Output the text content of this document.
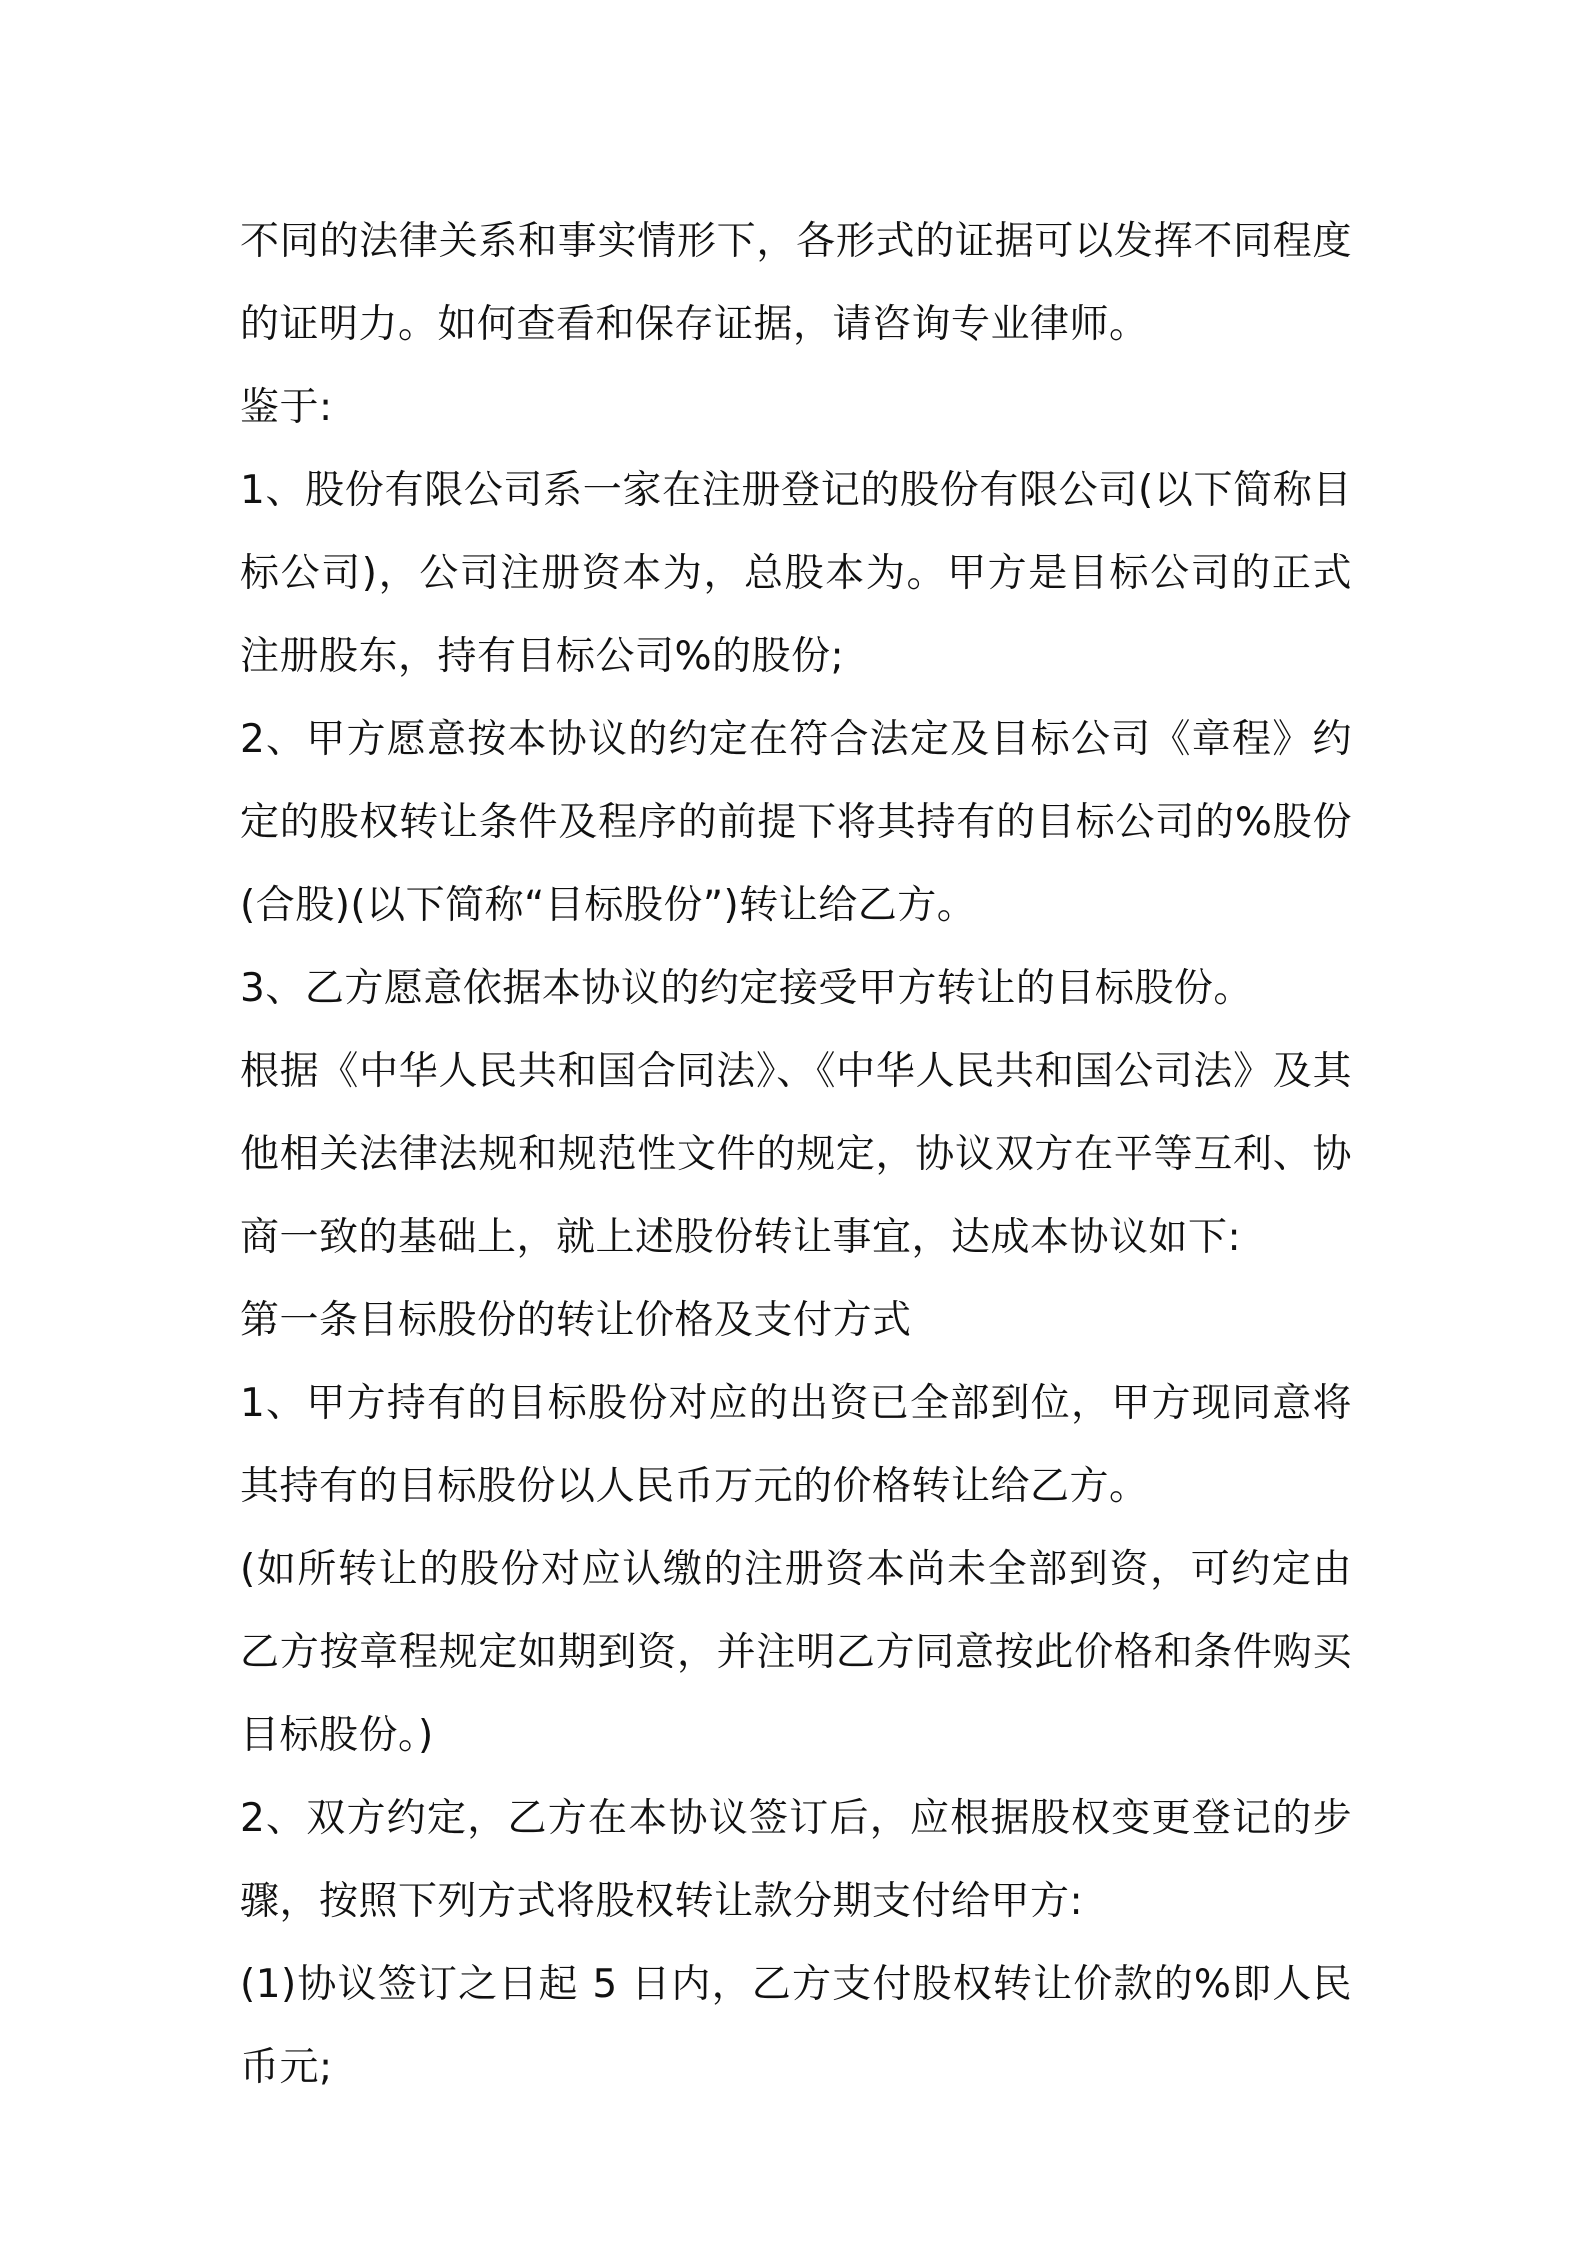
不同的法律关系和事实情形下，各形式的证据可以发挥不同程度的证明力。如何查看和保存证据，请咨询专业律师。

鉴于:

1、股份有限公司系一家在注册登记的股份有限公司(以下简称目标公司)，公司注册资本为，总股本为。甲方是目标公司的正式注册股东，持有目标公司%的股份;

2、甲方愿意按本协议的约定在符合法定及目标公司《章程》约定的股权转让条件及程序的前提下将其持有的目标公司的%股份(合股)(以下简称“目标股份”)转让给乙方。

3、乙方愿意依据本协议的约定接受甲方转让的目标股份。

根据《中华人民共和国合同法》、《中华人民共和国公司法》及其他相关法律法规和规范性文件的规定，协议双方在平等互利、协商一致的基础上，就上述股份转让事宜，达成本协议如下:

第一条目标股份的转让价格及支付方式

1、甲方持有的目标股份对应的出资已全部到位，甲方现同意将其持有的目标股份以人民币万元的价格转让给乙方。

(如所转让的股份对应认缴的注册资本尚未全部到资，可约定由乙方按章程规定如期到资，并注明乙方同意按此价格和条件购买目标股份。)

2、双方约定，乙方在本协议签订后，应根据股权变更登记的步骤，按照下列方式将股权转让款分期支付给甲方:

(1)协议签订之日起 5 日内，乙方支付股权转让价款的%即人民币元;
